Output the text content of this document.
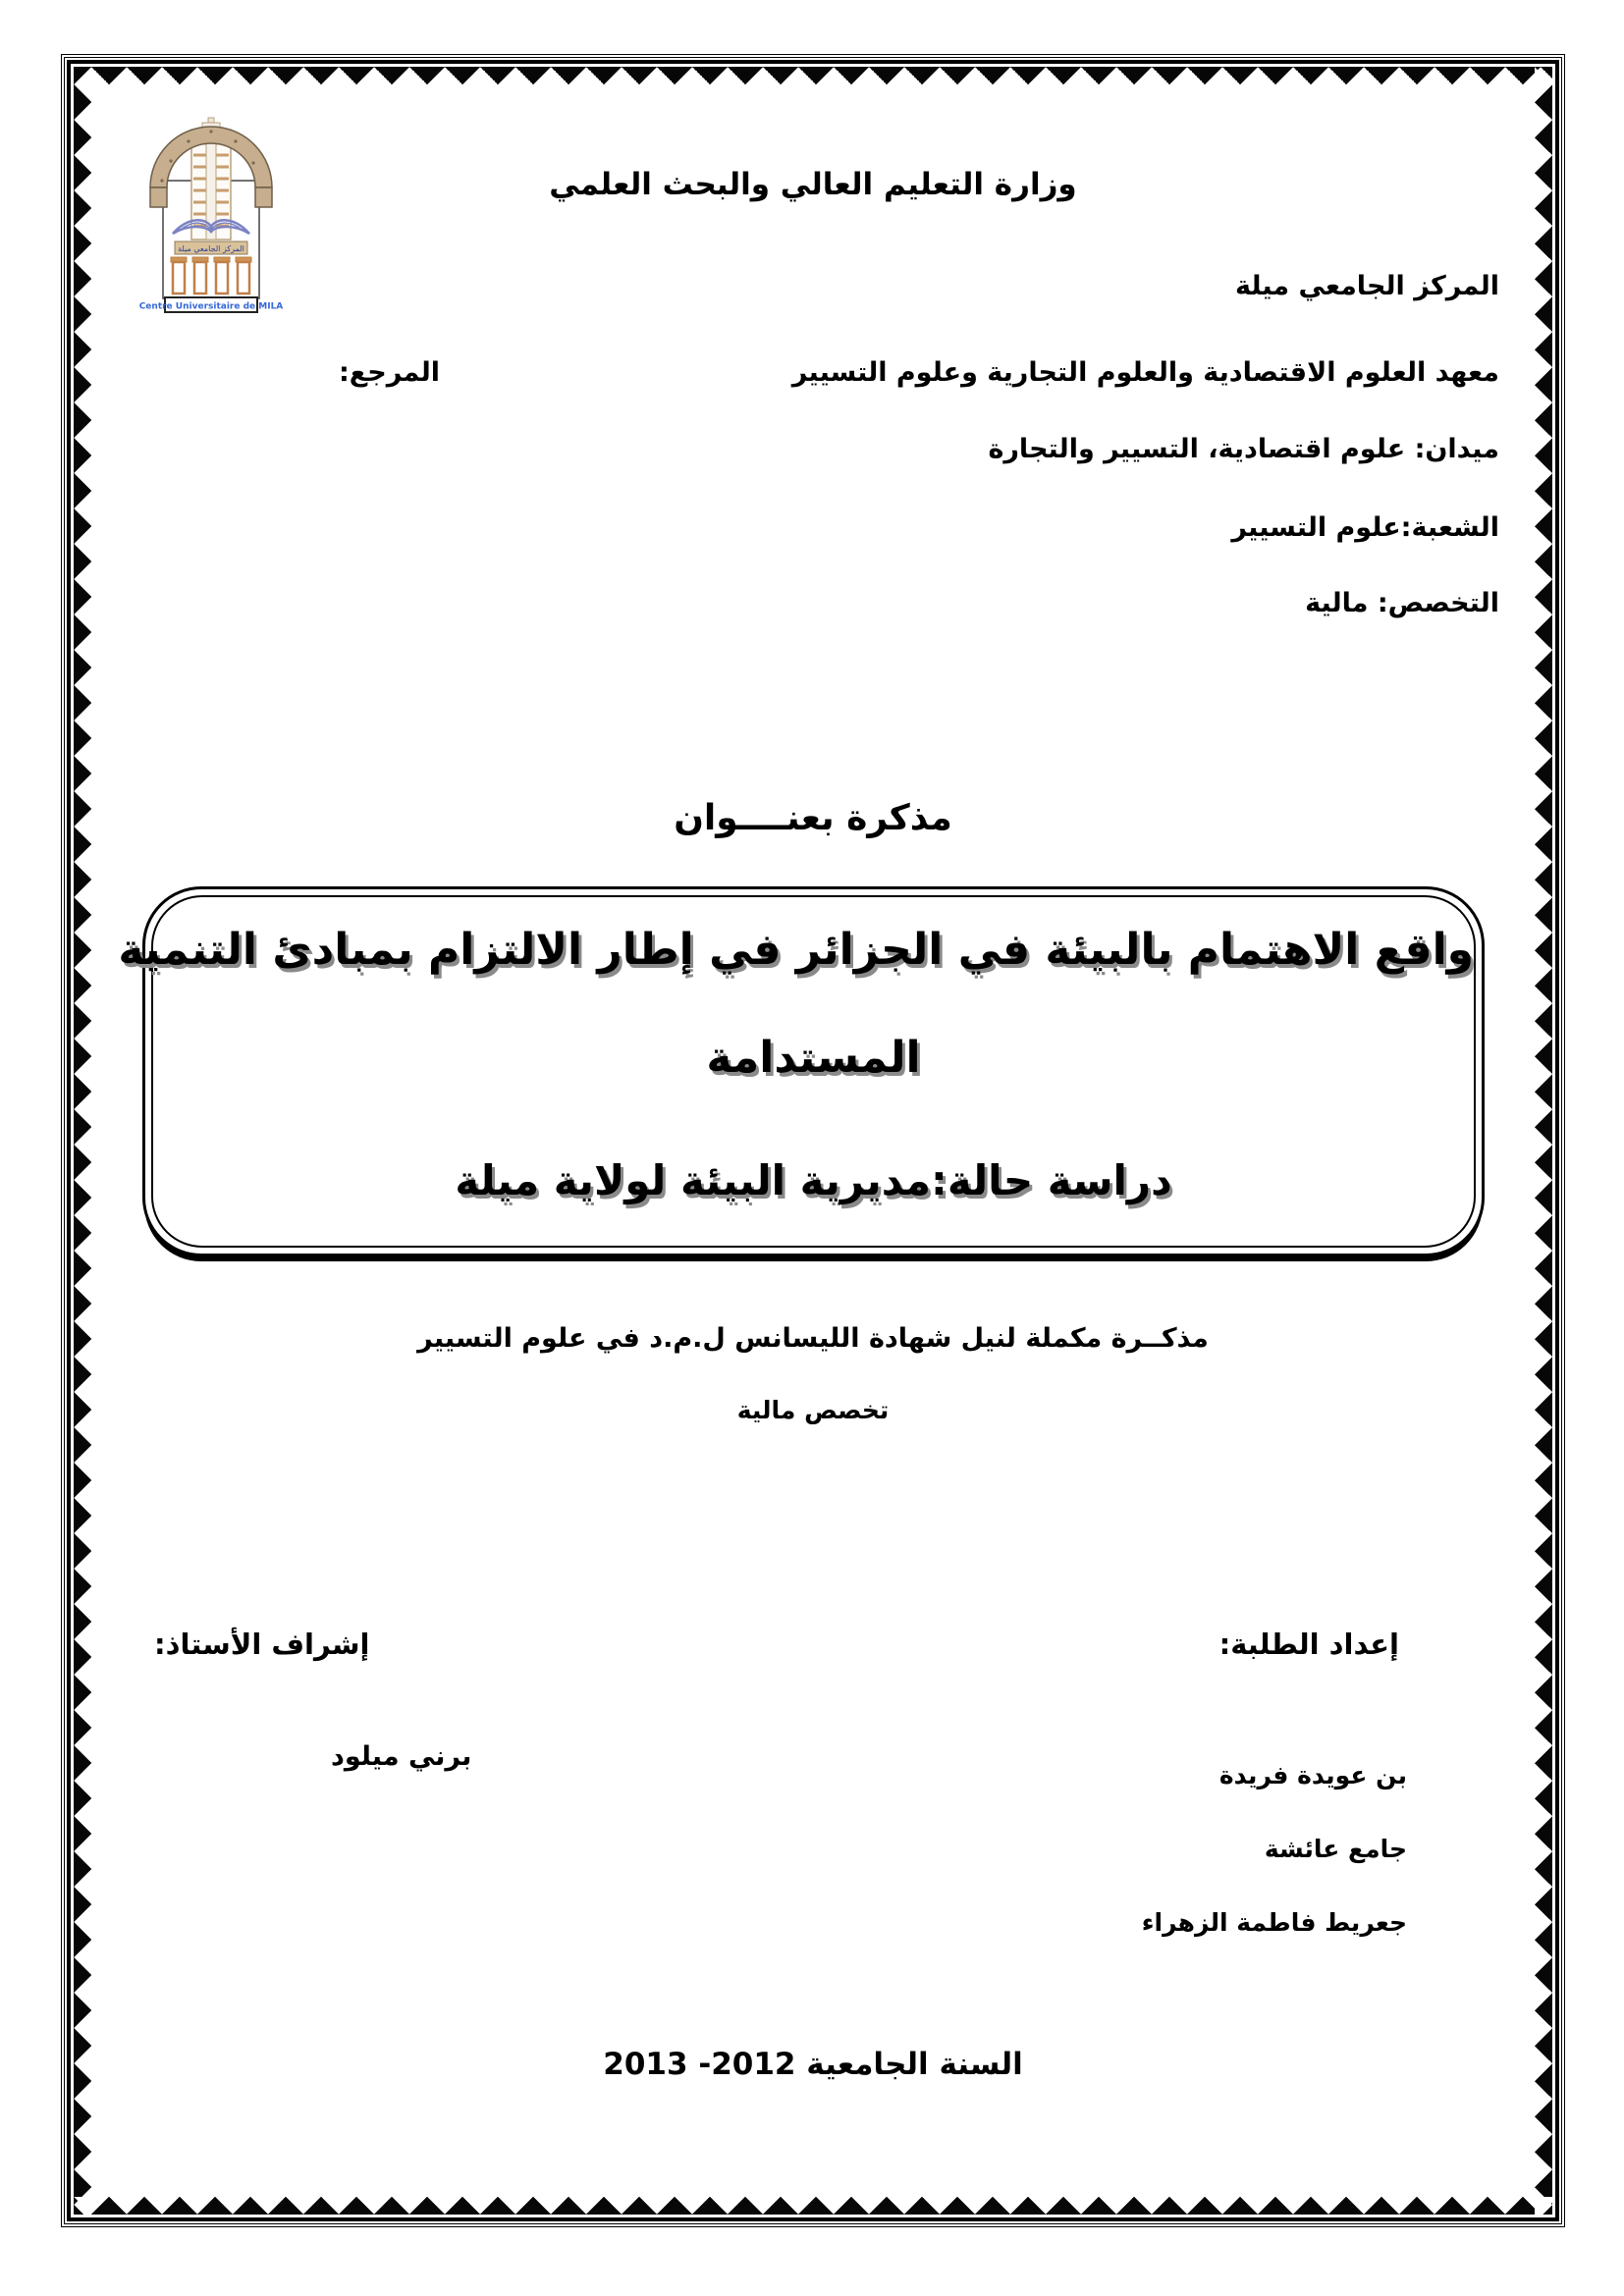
المركز الجامعي ميلة
Centre Universitaire de MILA
وزارة التعليم العالي والبحث العلمي
المركز الجامعي ميلة
معهد العلوم الاقتصادية والعلوم التجارية وعلوم التسيير
ميدان: علوم اقتصادية، التسيير والتجارة
الشعبة:علوم التسيير
التخصص: مالية
المرجع:
مذكرة بعنــــوان
واقع الاهتمام بالبيئة في الجزائر في إطار الالتزام بمبادئ التنمية
المستدامة
دراسة حالة:مديرية البيئة لولاية ميلة
مذكــرة مكملة لنيل شهادة الليسانس ل.م.د في علوم التسيير
تخصص مالية
إعداد الطلبة:
إشراف الأستاذ:
بن عويدة فريدة
جامع عائشة
جعريط فاطمة الزهراء
برني ميلود
السنة الجامعية 2012- 2013
